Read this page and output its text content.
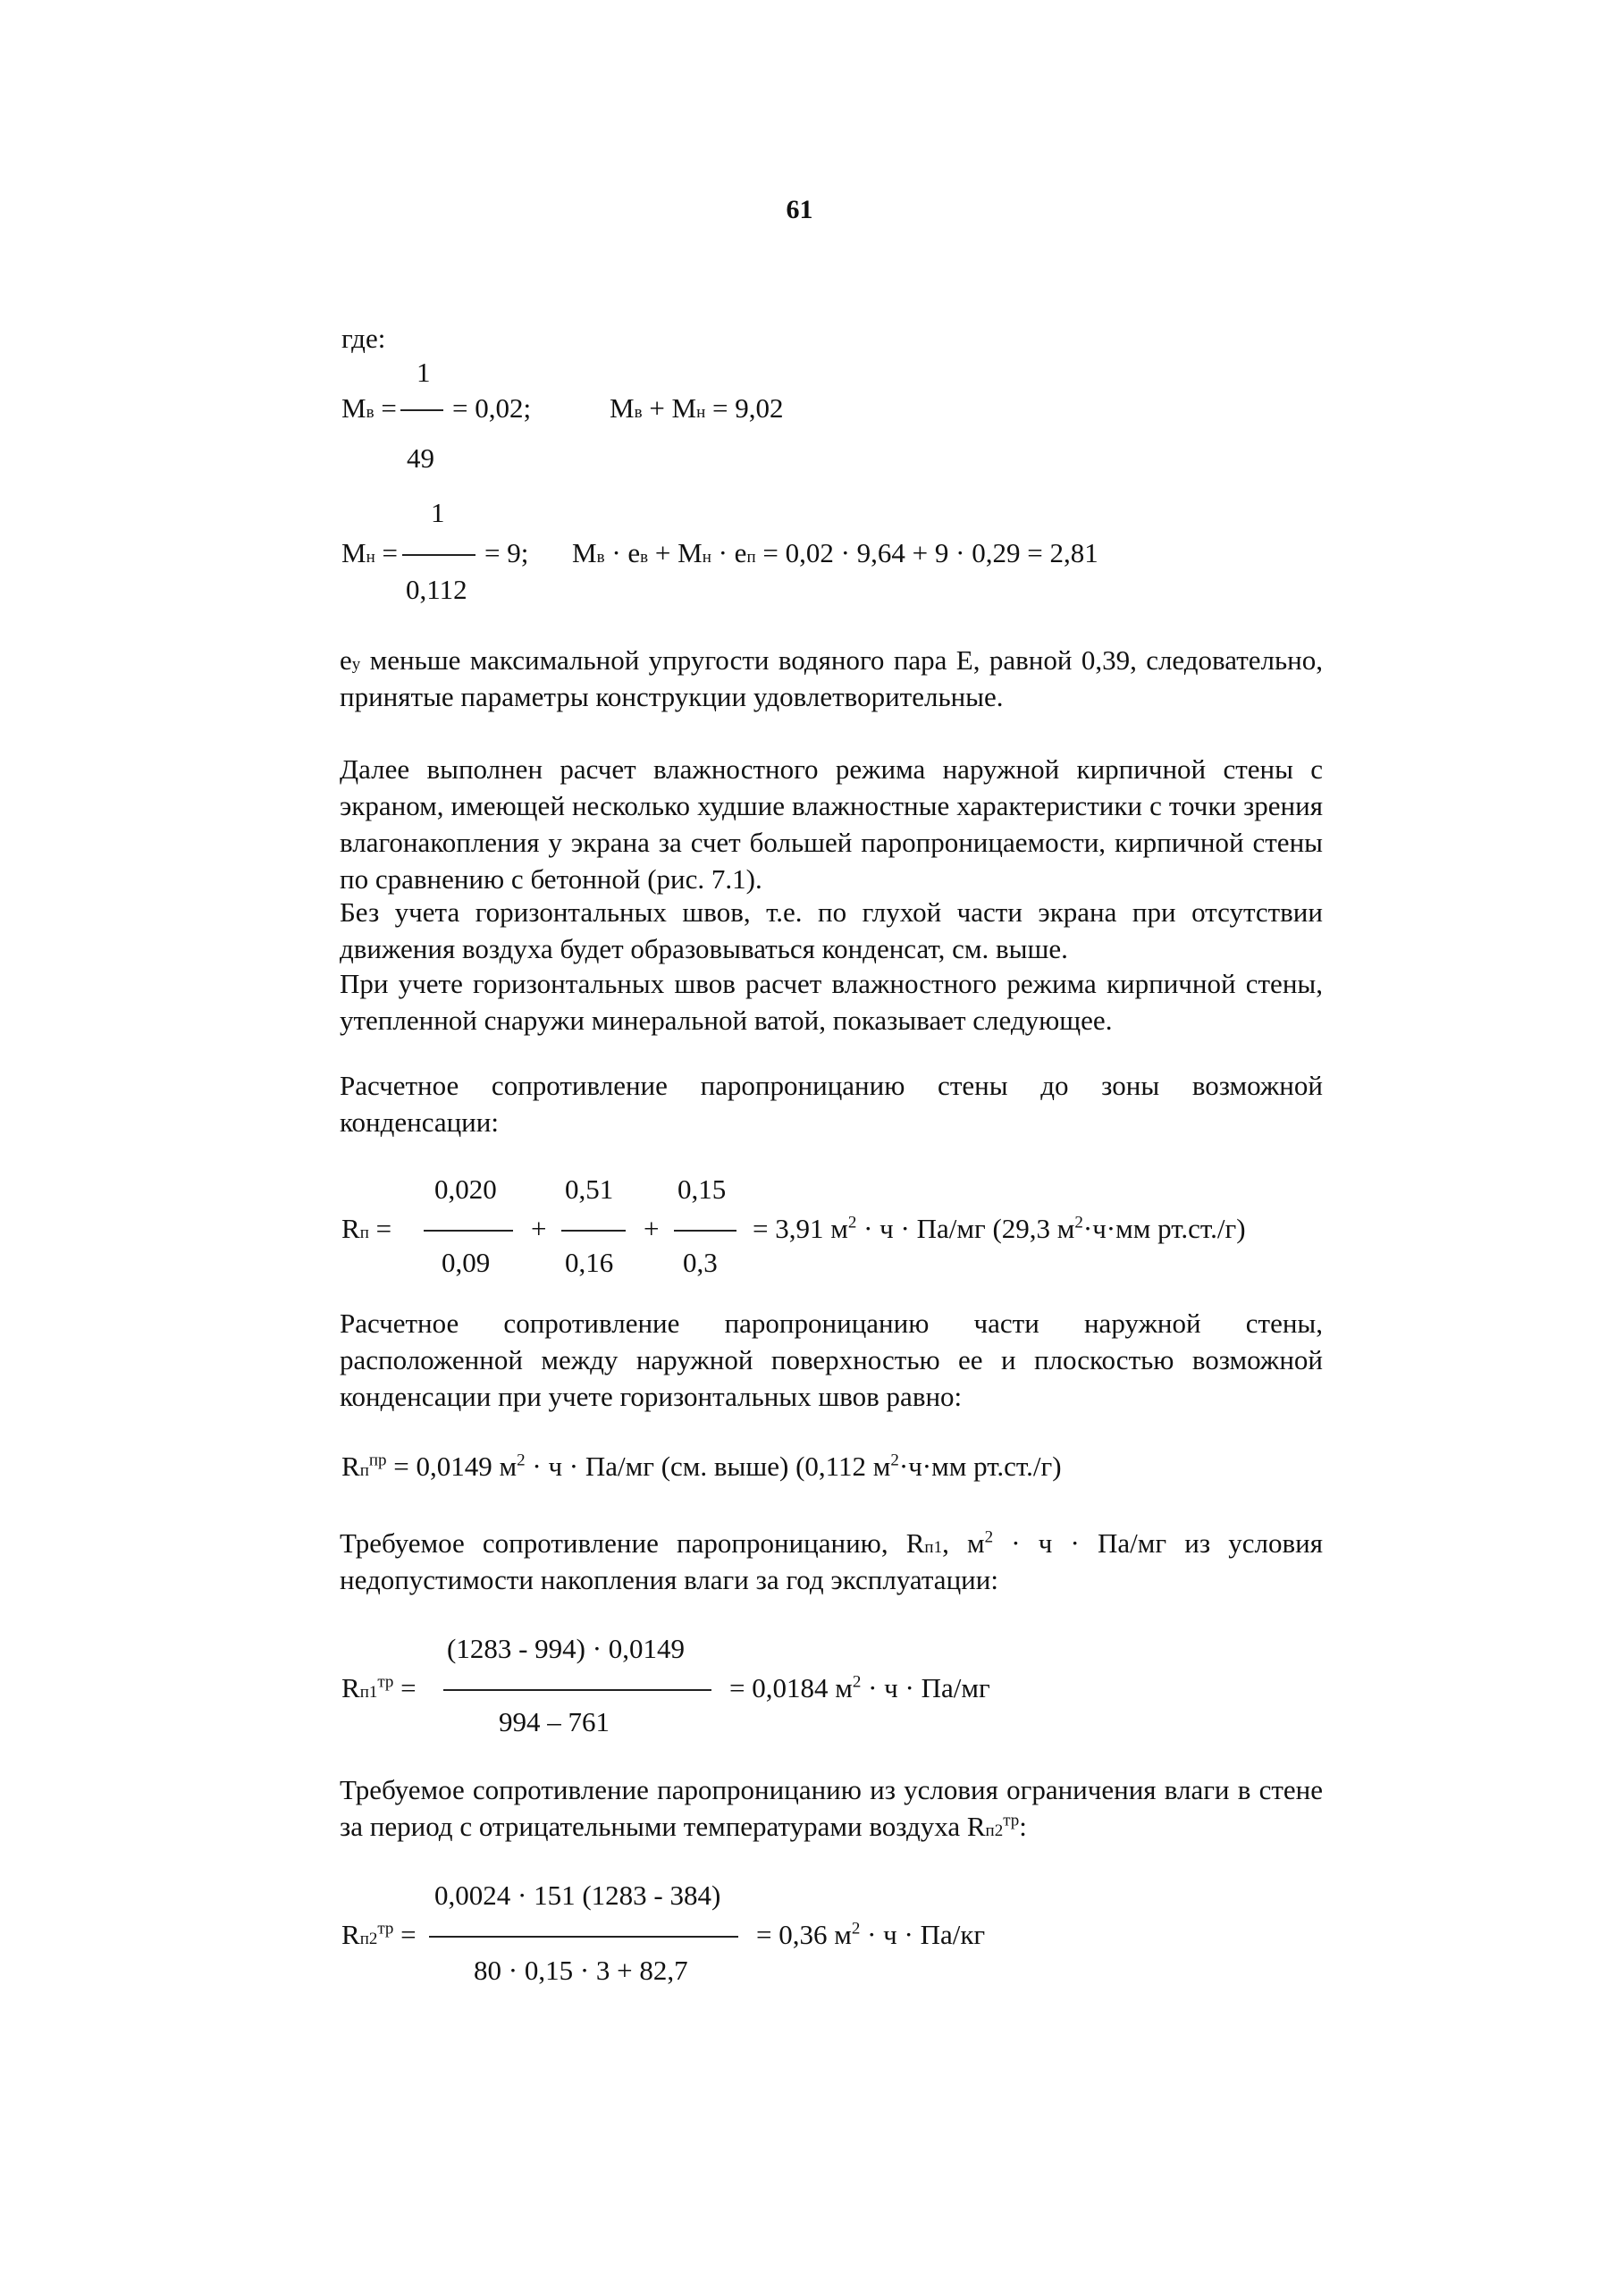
61
где:
1
Mв = = 0,02;
49
Mв + Mн = 9,02
1
Mн =	= 9;
0,112
Mв · eв + Mн · eп = 0,02 · 9,64 + 9 · 0,29 = 2,81
eу меньше максимальной упругости водяного пара Е, равной 0,39, следовательно, принятые параметры конструкции удовлетворительные.
Далее выполнен расчет влажностного режима наружной кирпичной стены с экраном, имеющей несколько худшие влажностные характеристики с точки зрения влагонакопления у экрана за счет большей паропроницаемости, кирпичной стены по сравнению с бетонной (рис. 7.1).
Без учета горизонтальных швов, т.е. по глухой части экрана при отсутствии движения воздуха будет образовываться конденсат, см. выше.
При учете горизонтальных швов расчет влажностного режима кирпичной стены, утепленной снаружи минеральной ватой, показывает следующее.
Расчетное сопротивление паропроницанию стены до зоны возможной конденсации:
0,020 0,51 0,15
Rп =	+	+	= 3,91 $м^2 \cdot ч \cdot Па/мг$ (29,3 $м^2\cdot ч\cdot мм$ рт.ст./г)
0,09	0,16	0,3
Расчетное сопротивление паропроницанию части наружной стены, расположенной между наружной поверхностью ее и плоскостью возможной конденсации при учете горизонтальных швов равно:
$Rп^{пр} = 0,0149$ $м^2 \cdot ч \cdot Па/мг$ (см. выше) (0,112 $м^2\cdot ч\cdot мм$ рт.ст./г)
Требуемое сопротивление паропроницанию, Rп1, $м^2 \cdot ч \cdot Па/мг$ из условия недопустимости накопления влаги за год эксплуатации:
(1283 - 994) · 0,0149
$Rп1^{тр}$ =	= 0,0184 $м^2 \cdot ч \cdot Па/мг$
994 – 761
Требуемое сопротивление паропроницанию из условия ограничения влаги в стене за период с отрицательными температурами воздуха $Rп2^{тр}$:
0,0024 · 151 (1283 - 384)
$Rп2^{тр}$ =	= 0,36 $м^2 \cdot ч \cdot Па/кг$
80 · 0,15 · 3 + 82,7
